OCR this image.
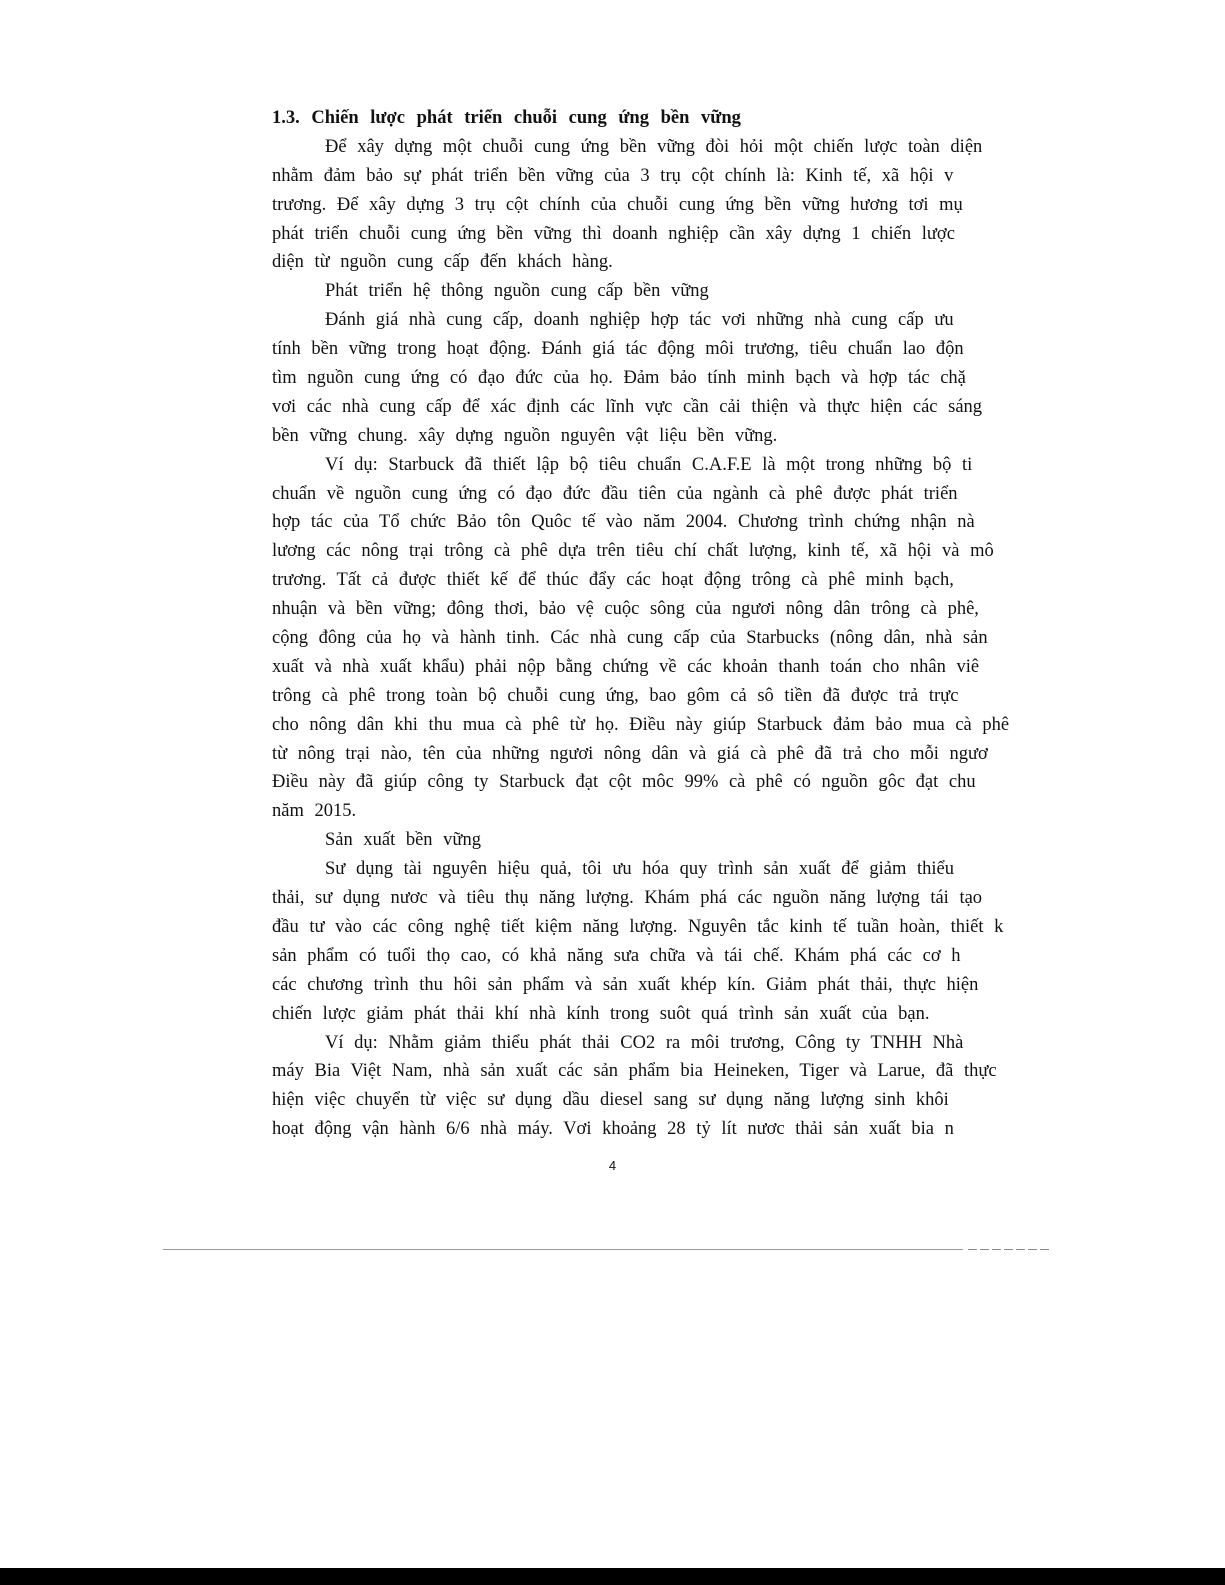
1.3. Chiến lược phát triển chuỗi cung ứng bền vững
Để xây dựng một chuỗi cung ứng bền vững đòi hỏi một chiến lược toàn diện
nhằm đảm bảo sự phát triển bền vững của 3 trụ cột chính là: Kinh tế, xã hội v
trương. Để xây dựng 3 trụ cột chính của chuỗi cung ứng bền vững hương tơi mụ
phát triển chuỗi cung ứng bền vững thì doanh nghiệp cần xây dựng 1 chiến lược
diện từ nguồn cung cấp đến khách hàng.
Phát triển hệ thông nguồn cung cấp bền vững
Đánh giá nhà cung cấp, doanh nghiệp hợp tác vơi những nhà cung cấp ưu
tính bền vững trong hoạt động. Đánh giá tác động môi trương, tiêu chuẩn lao độn
tìm nguồn cung ứng có đạo đức của họ. Đảm bảo tính minh bạch và hợp tác chặ
vơi các nhà cung cấp để xác định các lĩnh vực cần cải thiện và thực hiện các sáng
bền vững chung. xây dựng nguồn nguyên vật liệu bền vững.
Ví dụ: Starbuck đã thiết lập bộ tiêu chuẩn C.A.F.E là một trong những bộ ti
chuẩn về nguồn cung ứng có đạo đức đầu tiên của ngành cà phê được phát triển
hợp tác của Tổ chức Bảo tôn Quôc tế vào năm 2004. Chương trình chứng nhận nà
lương các nông trại trông cà phê dựa trên tiêu chí chất lượng, kinh tế, xã hội và mô
trương. Tất cả được thiết kế để thúc đẩy các hoạt động trông cà phê minh bạch,
nhuận và bền vững; đông thơi, bảo vệ cuộc sông của ngươi nông dân trông cà phê,
cộng đông của họ và hành tinh. Các nhà cung cấp của Starbucks (nông dân, nhà sản
xuất và nhà xuất khẩu) phải nộp bằng chứng về các khoản thanh toán cho nhân viê
trông cà phê trong toàn bộ chuỗi cung ứng, bao gôm cả sô tiền đã được trả trực
cho nông dân khi thu mua cà phê từ họ. Điều này giúp Starbuck đảm bảo mua cà phê
từ nông trại nào, tên của những ngươi nông dân và giá cà phê đã trả cho mỗi ngươ
Điều này đã giúp công ty Starbuck đạt cột môc 99% cà phê có nguồn gôc đạt chu
năm 2015.
Sản xuất bền vững
Sư dụng tài nguyên hiệu quả, tôi ưu hóa quy trình sản xuất để giảm thiểu
thải, sư dụng nươc và tiêu thụ năng lượng. Khám phá các nguồn năng lượng tái tạo
đầu tư vào các công nghệ tiết kiệm năng lượng. Nguyên tắc kinh tế tuần hoàn, thiết k
sản phẩm có tuổi thọ cao, có khả năng sưa chữa và tái chế. Khám phá các cơ h
các chương trình thu hôi sản phẩm và sản xuất khép kín. Giảm phát thải, thực hiện
chiến lược giảm phát thải khí nhà kính trong suôt quá trình sản xuất của bạn.
Ví dụ: Nhằm giảm thiểu phát thải CO2 ra môi trương, Công ty TNHH Nhà
máy Bia Việt Nam, nhà sản xuất các sản phẩm bia Heineken, Tiger và Larue, đã thực
hiện việc chuyển từ việc sư dụng dầu diesel sang sư dụng năng lượng sinh khôi
hoạt động vận hành 6/6 nhà máy. Vơi khoảng 28 tỷ lít nươc thải sản xuất bia n
4
